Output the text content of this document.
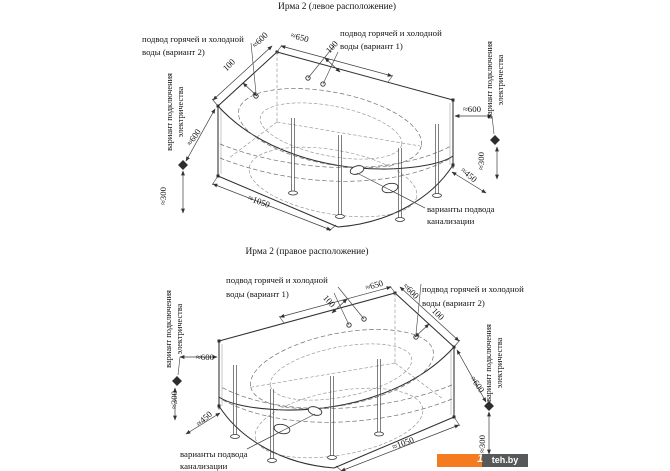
Ирма 2 (левое расположение)
подвод горячей и холодной
воды (вариант 2)
подвод горячей и холодной
воды (вариант 1)
≈600 ≈650
100
100
вариант подключения электричества
≈300
≈600
≈600 вариант подключения электричества
≈300
≈450
≈1050	варианты подвода
канализации
Ирма 2 (правое расположение)
подвод горячей и холодной
воды (вариант 1)	подвод горячей и холодной
воды (вариант 2)
≈650 ≈600
100
100
≈600
вариант подключения электричества
≈300
≈450
вариант подключения электричества
≈600
≈300
≈1050
варианты подвода
канализации
1 teh.by
